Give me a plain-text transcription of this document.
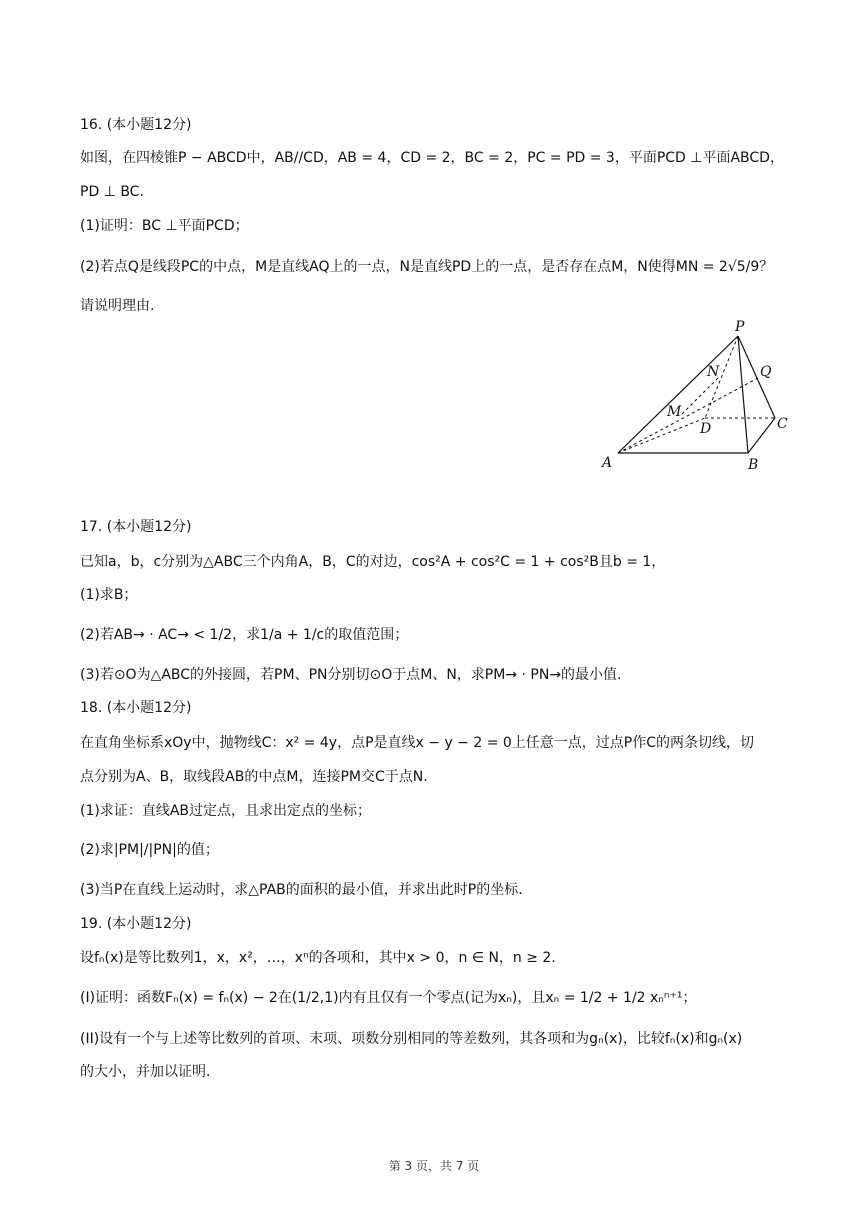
16. (本小题12分)
如图，在四棱锥P − ABCD中，AB//CD，AB = 4，CD = 2，BC = 2，PC = PD = 3，平面PCD ⊥平面ABCD，
PD ⊥ BC.
(1)证明：BC ⊥平面PCD；
(2)若点Q是线段PC的中点，M是直线AQ上的一点，N是直线PD上的一点，是否存在点M，N使得MN = 2√5/9？
请说明理由.
P
N	Q
M
D	C
A	B
17. (本小题12分)
已知a，b，c分别为△ABC三个内角A，B，C的对边，cos²A + cos²C = 1 + cos²B且b = 1，
(1)求B；
(2)若AB→ · AC→ < 1/2，求1/a + 1/c的取值范围；
(3)若⊙O为△ABC的外接圆，若PM、PN分别切⊙O于点M、N，求PM→ · PN→的最小值.
18. (本小题12分)
在直角坐标系xOy中，抛物线C：x² = 4y，点P是直线x − y − 2 = 0上任意一点，过点P作C的两条切线，切
点分别为A、B，取线段AB的中点M，连接PM交C于点N.
(1)求证：直线AB过定点，且求出定点的坐标；
(2)求|PM|/|PN|的值；
(3)当P在直线上运动时，求△PAB的面积的最小值，并求出此时P的坐标.
19. (本小题12分)
设fₙ(x)是等比数列1，x，x²，…，xⁿ的各项和，其中x > 0，n ∈ N，n ≥ 2.
(I)证明：函数Fₙ(x) = fₙ(x) − 2在(1/2,1)内有且仅有一个零点(记为xₙ)，且xₙ = 1/2 + 1/2 xₙⁿ⁺¹；
(II)设有一个与上述等比数列的首项、末项、项数分别相同的等差数列，其各项和为gₙ(x)，比较fₙ(x)和gₙ(x)
的大小，并加以证明.
第 3 页，共 7 页
